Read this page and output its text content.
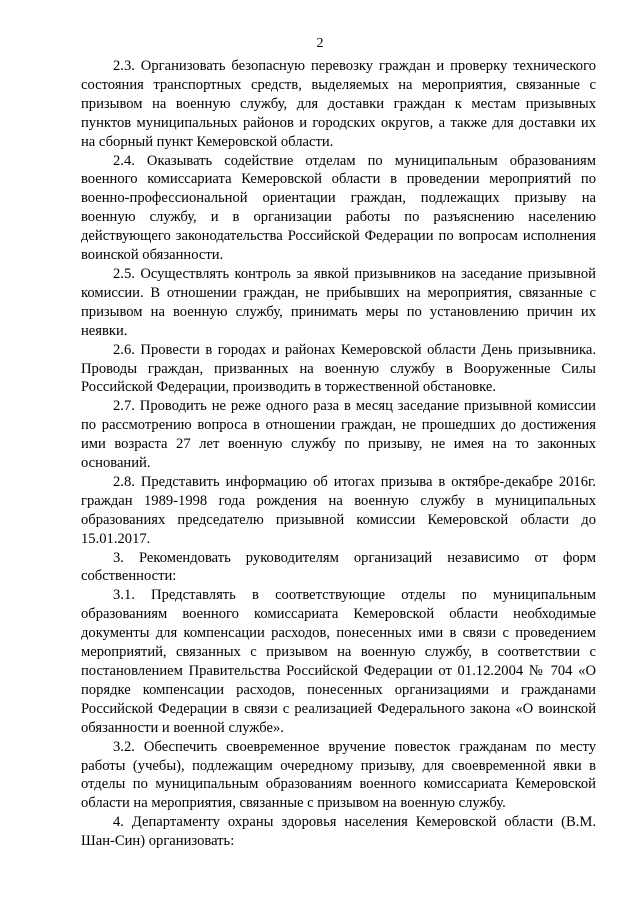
2

2.3. Организовать безопасную перевозку граждан и проверку технического состояния транспортных средств, выделяемых на мероприятия, связанные с призывом на военную службу, для доставки граждан к местам призывных пунктов муниципальных районов и городских округов, а также для доставки их на сборный пункт Кемеровской области.

2.4. Оказывать содействие отделам по муниципальным образованиям военного комиссариата Кемеровской области в проведении мероприятий по военно-профессиональной ориентации граждан, подлежащих призыву на военную службу, и в организации работы по разъяснению населению действующего законодательства Российской Федерации по вопросам исполнения воинской обязанности.

2.5. Осуществлять контроль за явкой призывников на заседание призывной комиссии. В отношении граждан, не прибывших на мероприятия, связанные с призывом на военную службу, принимать меры по установлению причин их неявки.

2.6. Провести в городах и районах Кемеровской области День призывника. Проводы граждан, призванных на военную службу в Вооруженные Силы Российской Федерации, производить в торжественной обстановке.

2.7. Проводить не реже одного раза в месяц заседание призывной комиссии по рассмотрению вопроса в отношении граждан, не прошедших до достижения ими возраста 27 лет военную службу по призыву, не имея на то законных оснований.

2.8. Представить информацию об итогах призыва в октябре-декабре 2016г. граждан 1989-1998 года рождения на военную службу в муниципальных образованиях председателю призывной комиссии Кемеровской области до 15.01.2017.

3. Рекомендовать руководителям организаций независимо от форм собственности:

3.1. Представлять в соответствующие отделы по муниципальным образованиям военного комиссариата Кемеровской области необходимые документы для компенсации расходов, понесенных ими в связи с проведением мероприятий, связанных с призывом на военную службу, в соответствии с постановлением Правительства Российской Федерации от 01.12.2004 № 704 «О порядке компенсации расходов, понесенных организациями и гражданами Российской Федерации в связи с реализацией Федерального закона «О воинской обязанности и военной службе».

3.2. Обеспечить своевременное вручение повесток гражданам по месту работы (учебы), подлежащим очередному призыву, для своевременной явки в отделы по муниципальным образованиям военного комиссариата Кемеровской области на мероприятия, связанные с призывом на военную службу.

4. Департаменту охраны здоровья населения Кемеровской области (В.М. Шан-Син) организовать:
